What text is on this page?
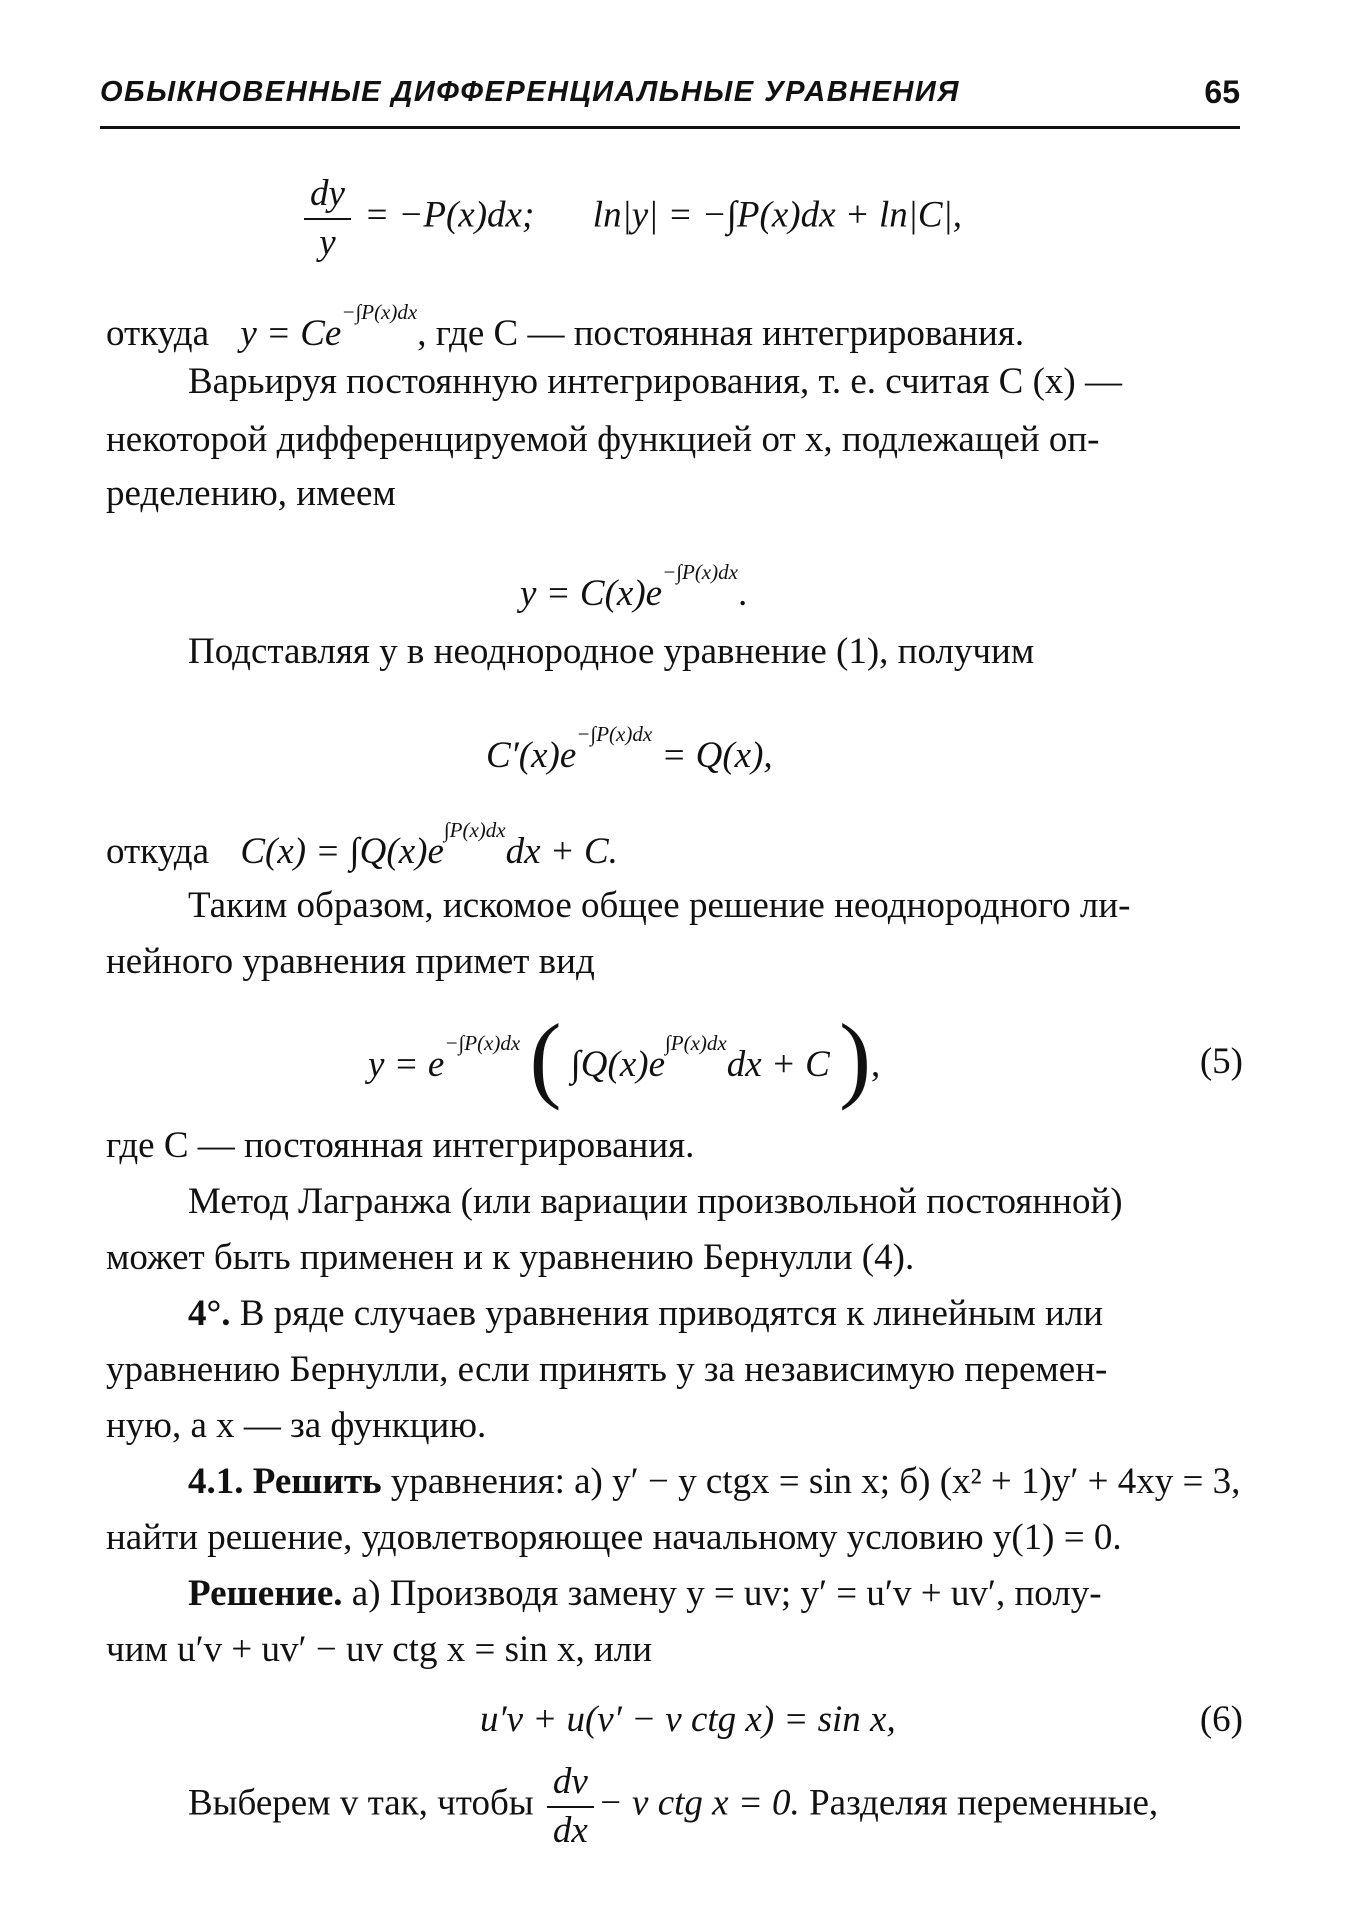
ОБЫКНОВЕННЫЕ ДИФФЕРЕНЦИАЛЬНЫЕ УРАВНЕНИЯ	65
$\frac{dy}{y} = -P(x)dx$; ln|y| = −∫P(x)dx + ln|C|,
откуда $y = Ce^{-\int P(x)dx}$, где C — постоянная интегрирования.
Варьируя постоянную интегрирования, т. е. считая C (x) —
некоторой дифференцируемой функцией от x, подлежащей оп-
ределению, имеем
$y = C(x)e^{-\int P(x)dx}$.
Подставляя y в неоднородное уравнение (1), получим
$C'(x)e^{-\int P(x)dx} = Q(x)$,
откуда $C(x) = \int Q(x)e^{\int P(x)dx}dx + C$.
Таким образом, искомое общее решение неоднородного ли-
нейного уравнения примет вид
$y = e^{-\int P(x)dx}$ ( $\int Q(x)e^{\int P(x)dx}dx + C$ ),	(5)
где C — постоянная интегрирования.
Метод Лагранжа (или вариации произвольной постоянной)
может быть применен и к уравнению Бернулли (4).
4°. В ряде случаев уравнения приводятся к линейным или
уравнению Бернулли, если принять y за независимую перемен-
ную, а x — за функцию.
4.1. Решить уравнения: а) y′ − y ctgx = sin x; б) (x² + 1)y′ + 4xy = 3,
найти решение, удовлетворяющее начальному условию y(1) = 0.
Решение. а) Производя замену y = uv; y′ = u′v + uv′, полу-
чим u′v + uv′ − uv ctg x = sin x, или
u′v + u(v′ − v ctg x) = sin x,	(6)
Выберем v так, чтобы $\frac{dv}{dx} - v$ ctg x = 0. Разделяя переменные,
